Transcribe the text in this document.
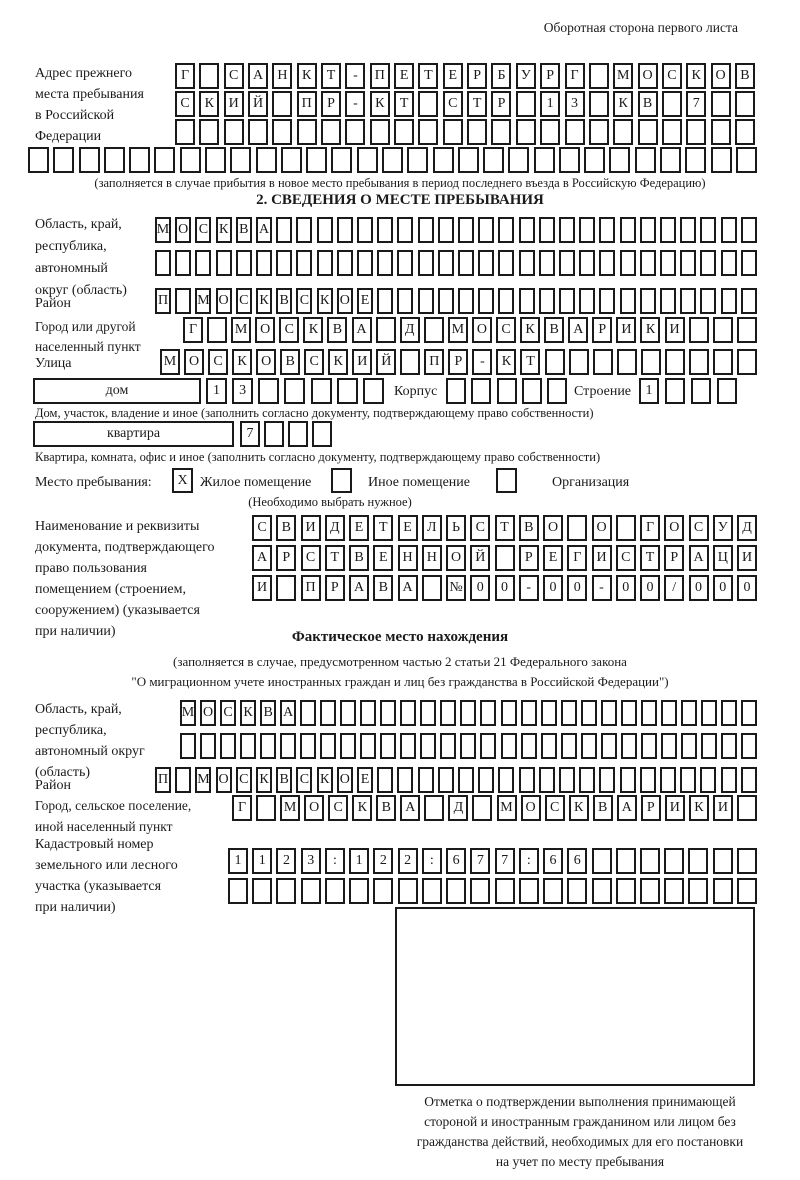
Оборотная сторона первого листа
Адрес прежнего
места пребывания
в Российской
Федерации
Г	С	А	Н	К	Т	-	П	Е	Т	Е	Р	Б	У	Р	Г	М О	С	К	О	В
С	К	И	Й	П	Р	-	К	Т	С	Т	Р	1	3	К	В	7
(заполняется в случае прибытия в новое место пребывания в период последнего въезда в Российскую Федерацию)
2. СВЕДЕНИЯ О МЕСТЕ ПРЕБЫВАНИЯ
Область, край,
республика,
автономный
округ (область)
М О С К В А
Район	П М О С К В С К О Е
Город или другой
населенный пункт
Г	М О	С	К	В	А	Д	М О	С	К	В	А	Р	И	К	И
Улица	М О	С	К	О	В	С	К	И Й	П	Р	-	К	Т
дом	1	3	Корпус	Строение	1
Дом, участок, владение и иное (заполнить согласно документу, подтверждающему право собственности)
квартира	7
Квартира, комната, офис и иное (заполнить согласно документу, подтверждающему право собственности)
Место пребывания:	X Жилое помещение	Иное помещение	Организация
(Необходимо выбрать нужное)
Наименование и реквизиты
документа, подтверждающего
право пользования
помещением (строением,
сооружением) (указывается
при наличии)
С	В	И	Д	Е	Т	Е	Л	Ь	С	Т	В	О	О	Г	О	С	У	Д
А	Р	С	Т	В	Е	Н	Н	О	Й	Р	Е	Г	И	С	Т	Р	А	Ц	И
И	П	Р	А	В	А	№	0	0	-	0	0	-	0	0	/	0	0	0
Фактическое место нахождения
(заполняется в случае, предусмотренном частью 2 статьи 21 Федерального закона
"О миграционном учете иностранных граждан и лиц без гражданства в Российской Федерации")
Область, край,
республика,
автономный округ
(область)
М О С К В А
Район	П М О С К В С К О Е
Город, сельское поселение,
иной населенный пункт
Г	М О	С	К	В	А	Д	М О	С	К	В	А	Р	И	К	И
Кадастровый номер
земельного или лесного
участка (указывается
при наличии)
1	1	2	3	:	1	2	2	:	6	7	7	:	6	6
Отметка о подтверждении выполнения принимающей
стороной и иностранным гражданином или лицом без
гражданства действий, необходимых для его постановки
на учет по месту пребывания
